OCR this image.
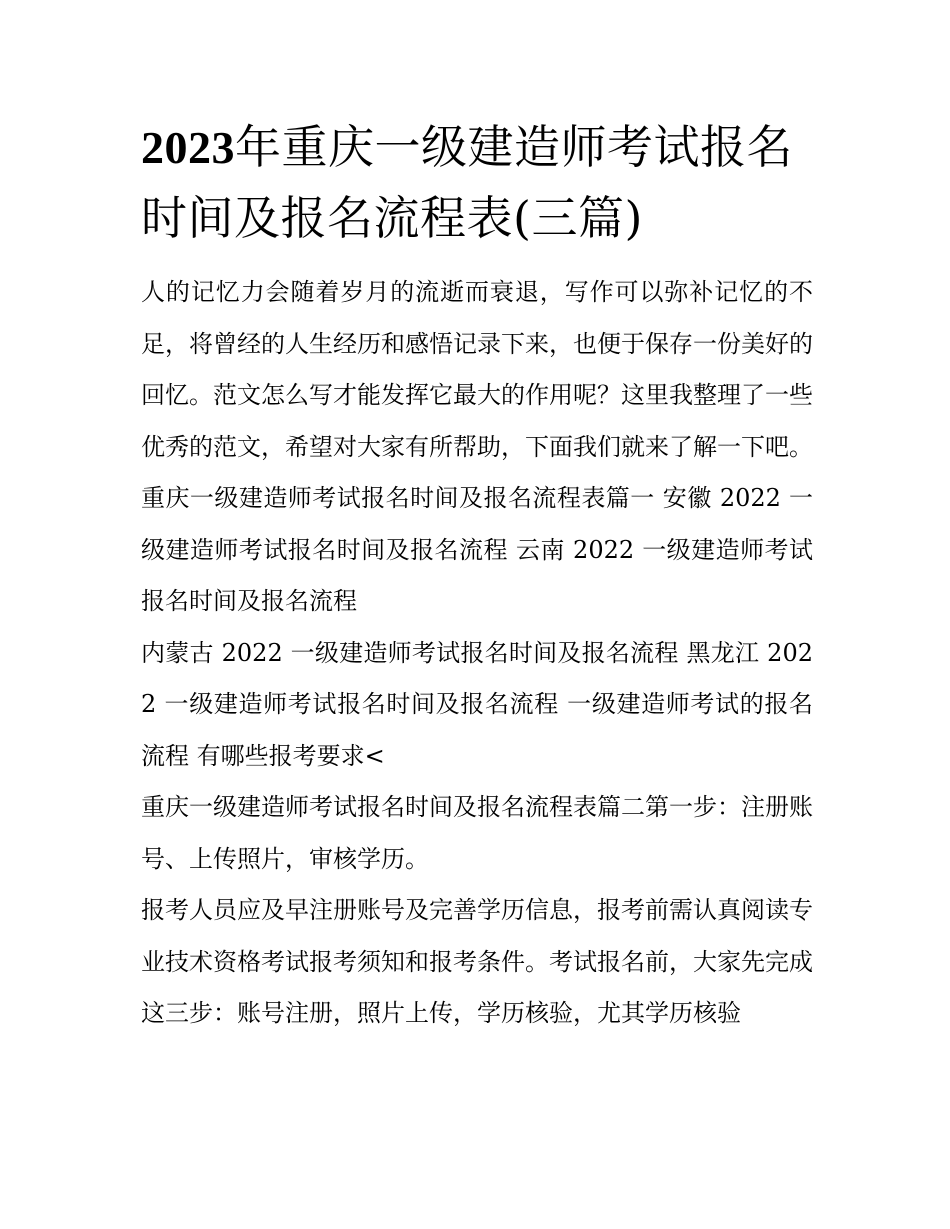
2023年重庆一级建造师考试报名时间及报名流程表(三篇)

人的记忆力会随着岁月的流逝而衰退，写作可以弥补记忆的不足，将曾经的人生经历和感悟记录下来，也便于保存一份美好的回忆。范文怎么写才能发挥它最大的作用呢？这里我整理了一些优秀的范文，希望对大家有所帮助，下面我们就来了解一下吧。

重庆一级建造师考试报名时间及报名流程表篇一 安徽 2022 一级建造师考试报名时间及报名流程 云南 2022 一级建造师考试报名时间及报名流程

内蒙古 2022 一级建造师考试报名时间及报名流程 黑龙江 2022 一级建造师考试报名时间及报名流程 一级建造师考试的报名流程 有哪些报考要求<

重庆一级建造师考试报名时间及报名流程表篇二第一步：注册账号、上传照片，审核学历。

报考人员应及早注册账号及完善学历信息，报考前需认真阅读专业技术资格考试报考须知和报考条件。考试报名前，大家先完成这三步：账号注册，照片上传，学历核验，尤其学历核验
